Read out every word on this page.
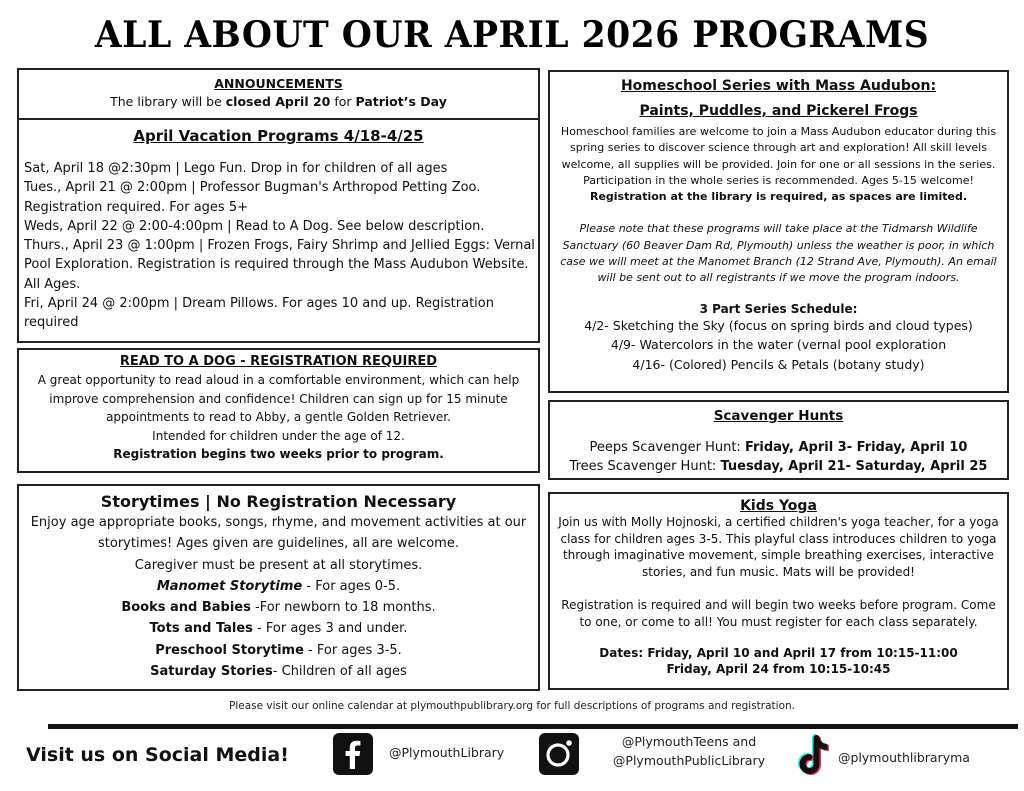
ALL ABOUT OUR APRIL 2026 PROGRAMS
ANNOUNCEMENTS
The library will be closed April 20 for Patriot’s Day
April Vacation Programs 4/18-4/25
Sat, April 18 @2:30pm | Lego Fun. Drop in for children of all ages
Tues., April 21 @ 2:00pm | Professor Bugman's Arthropod Petting Zoo. Registration required. For ages 5+
Weds, April 22 @ 2:00-4:00pm | Read to A Dog. See below description.
Thurs., April 23 @ 1:00pm | Frozen Frogs, Fairy Shrimp and Jellied Eggs: Vernal Pool Exploration. Registration is required through the Mass Audubon Website. All Ages.
Fri, April 24 @ 2:00pm | Dream Pillows. For ages 10 and up. Registration required
READ TO A DOG - REGISTRATION REQUIRED
A great opportunity to read aloud in a comfortable environment, which can help improve comprehension and confidence! Children can sign up for 15 minute appointments to read to Abby, a gentle Golden Retriever.
Intended for children under the age of 12.
Registration begins two weeks prior to program.
Storytimes | No Registration Necessary
Enjoy age appropriate books, songs, rhyme, and movement activities at our storytimes! Ages given are guidelines, all are welcome.
Caregiver must be present at all storytimes.
Manomet Storytime - For ages 0-5.
Books and Babies -For newborn to 18 months.
Tots and Tales - For ages 3 and under.
Preschool Storytime - For ages 3-5.
Saturday Stories- Children of all ages
Homeschool Series with Mass Audubon:
Paints, Puddles, and Pickerel Frogs
Homeschool families are welcome to join a Mass Audubon educator during this spring series to discover science through art and exploration! All skill levels welcome, all supplies will be provided. Join for one or all sessions in the series. Participation in the whole series is recommended. Ages 5-15 welcome!
Registration at the library is required, as spaces are limited.
Please note that these programs will take place at the Tidmarsh Wildlife Sanctuary (60 Beaver Dam Rd, Plymouth) unless the weather is poor, in which case we will meet at the Manomet Branch (12 Strand Ave, Plymouth). An email will be sent out to all registrants if we move the program indoors.
3 Part Series Schedule:
4/2- Sketching the Sky (focus on spring birds and cloud types)
4/9- Watercolors in the water (vernal pool exploration
4/16- (Colored) Pencils & Petals (botany study)
Scavenger Hunts
Peeps Scavenger Hunt: Friday, April 3- Friday, April 10
Trees Scavenger Hunt: Tuesday, April 21- Saturday, April 25
Kids Yoga
Join us with Molly Hojnoski, a certified children's yoga teacher, for a yoga class for children ages 3-5. This playful class introduces children to yoga through imaginative movement, simple breathing exercises, interactive stories, and fun music. Mats will be provided!
Registration is required and will begin two weeks before program. Come to one, or come to all! You must register for each class separately.
Dates: Friday, April 10 and April 17 from 10:15-11:00
Friday, April 24 from 10:15-10:45
Please visit our online calendar at plymouthpublibrary.org for full descriptions of programs and registration.
Visit us on Social Media!	@PlymouthLibrary
@PlymouthTeens and
@PlymouthPublicLibrary	@plymouthlibraryma
